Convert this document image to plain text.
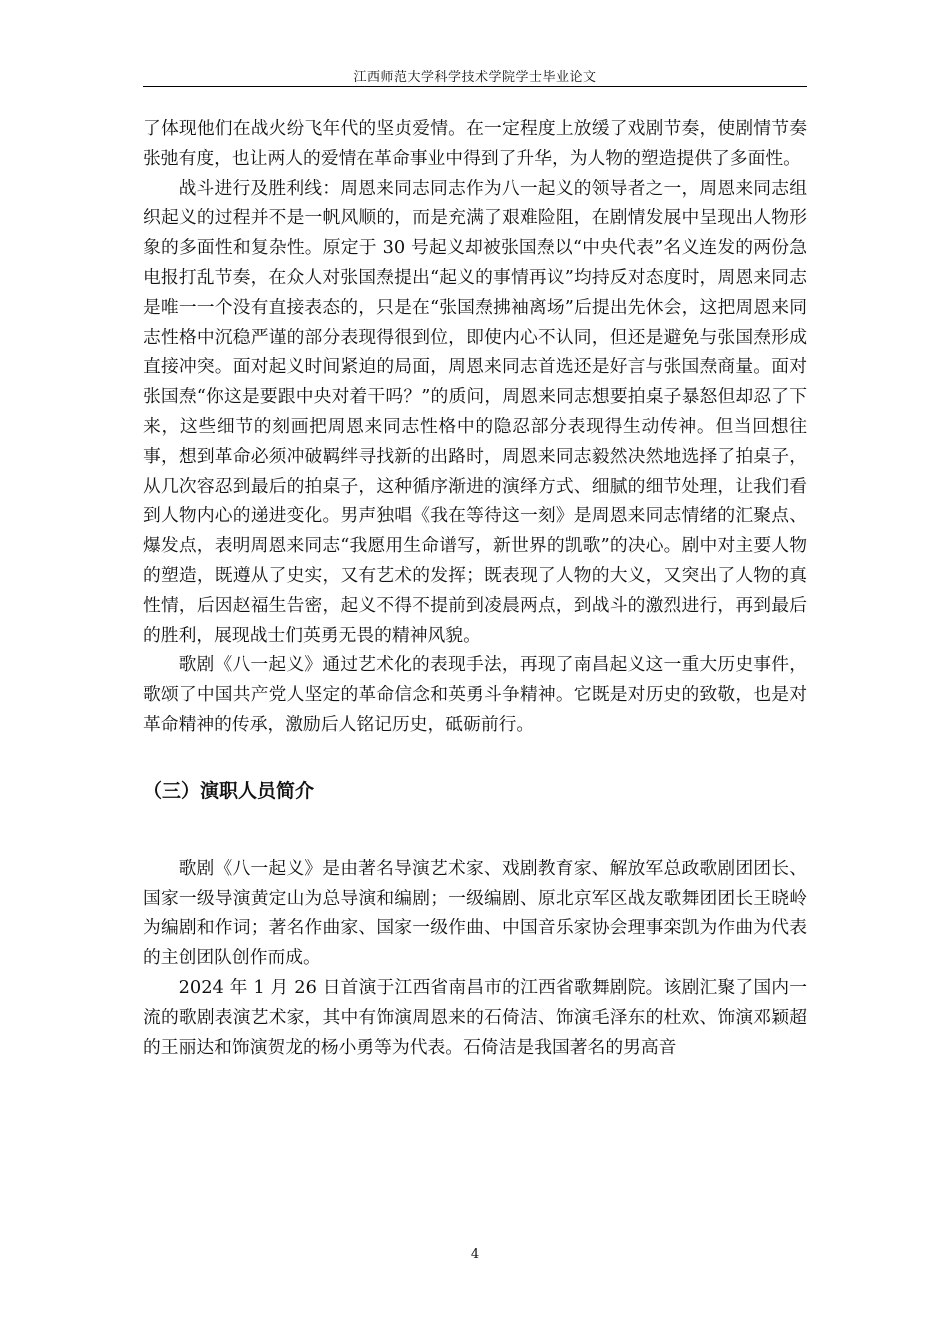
江西师范大学科学技术学院学士毕业论文

了体现他们在战火纷飞年代的坚贞爱情。在一定程度上放缓了戏剧节奏，使剧情节奏张弛有度，也让两人的爱情在革命事业中得到了升华，为人物的塑造提供了多面性。

战斗进行及胜利线：周恩来同志同志作为八一起义的领导者之一，周恩来同志组织起义的过程并不是一帆风顺的，而是充满了艰难险阻，在剧情发展中呈现出人物形象的多面性和复杂性。原定于 30 号起义却被张国焘以“中央代表”名义连发的两份急电报打乱节奏，在众人对张国焘提出“起义的事情再议”均持反对态度时，周恩来同志是唯一一个没有直接表态的，只是在“张国焘拂袖离场”后提出先休会，这把周恩来同志性格中沉稳严谨的部分表现得很到位，即使内心不认同，但还是避免与张国焘形成直接冲突。面对起义时间紧迫的局面，周恩来同志首选还是好言与张国焘商量。面对张国焘“你这是要跟中央对着干吗？”的质问，周恩来同志想要拍桌子暴怒但却忍了下来，这些细节的刻画把周恩来同志性格中的隐忍部分表现得生动传神。但当回想往事，想到革命必须冲破羁绊寻找新的出路时，周恩来同志毅然决然地选择了拍桌子，从几次容忍到最后的拍桌子，这种循序渐进的演绎方式、细腻的细节处理，让我们看到人物内心的递进变化。男声独唱《我在等待这一刻》是周恩来同志情绪的汇聚点、爆发点，表明周恩来同志“我愿用生命谱写，新世界的凯歌”的决心。剧中对主要人物的塑造，既遵从了史实，又有艺术的发挥；既表现了人物的大义，又突出了人物的真性情，后因赵福生告密，起义不得不提前到凌晨两点，到战斗的激烈进行，再到最后的胜利，展现战士们英勇无畏的精神风貌。

歌剧《八一起义》通过艺术化的表现手法，再现了南昌起义这一重大历史事件，歌颂了中国共产党人坚定的革命信念和英勇斗争精神。它既是对历史的致敬，也是对革命精神的传承，激励后人铭记历史，砥砺前行。

（三）演职人员简介

歌剧《八一起义》是由著名导演艺术家、戏剧教育家、解放军总政歌剧团团长、国家一级导演黄定山为总导演和编剧；一级编剧、原北京军区战友歌舞团团长王晓岭为编剧和作词；著名作曲家、国家一级作曲、中国音乐家协会理事栾凯为作曲为代表的主创团队创作而成。

2024 年 1 月 26 日首演于江西省南昌市的江西省歌舞剧院。该剧汇聚了国内一流的歌剧表演艺术家，其中有饰演周恩来的石倚洁、饰演毛泽东的杜欢、饰演邓颖超的王丽达和饰演贺龙的杨小勇等为代表。石倚洁是我国著名的男高音

4
